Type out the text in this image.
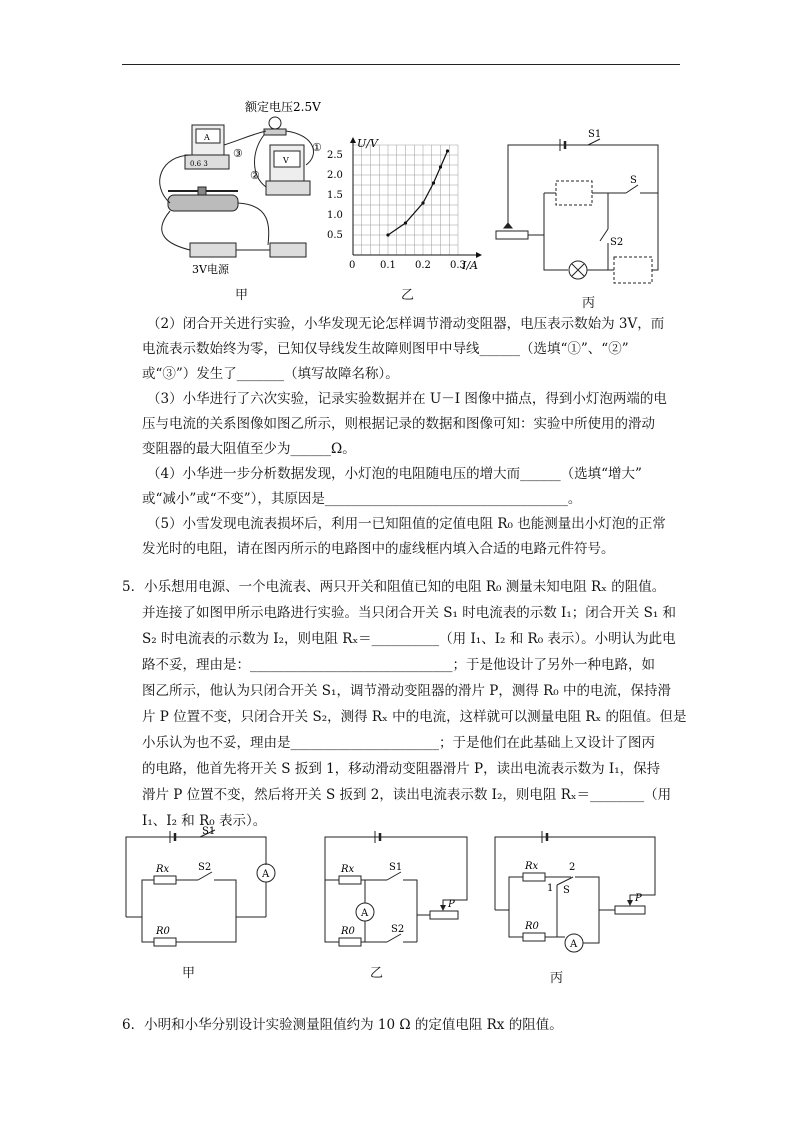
额定电压2.5V
A
0.6 3	V
3V电源
③	①
②
甲
U/V
I/A
0 0.1 0.2 0.3
0.5
1.0
1.5
2.0
2.5
乙
S1
S
S2
丙
（2）闭合开关进行实验，小华发现无论怎样调节滑动变阻器，电压表示数始为 3V，而
电流表示数始终为零，已知仅导线发生故障则图甲中导线______（选填“①”、“②”
或“③”）发生了_______（填写故障名称）。
（3）小华进行了六次实验，记录实验数据并在 U－I 图像中描点，得到小灯泡两端的电
压与电流的关系图像如图乙所示，则根据记录的数据和图像可知：实验中所使用的滑动
变阻器的最大阻值至少为______Ω。
（4）小华进一步分析数据发现，小灯泡的电阻随电压的增大而______（选填“增大”
或“减小”或“不变”），其原因是____________________________________。
（5）小雪发现电流表损坏后，利用一已知阻值的定值电阻 R₀ 也能测量出小灯泡的正常
发光时的电阻，请在图丙所示的电路图中的虚线框内填入合适的电路元件符号。
5．小乐想用电源、一个电流表、两只开关和阻值已知的电阻 R₀ 测量未知电阻 Rₓ 的阻值。
并连接了如图甲所示电路进行实验。当只闭合开关 S₁ 时电流表的示数 I₁；闭合开关 S₁ 和
S₂ 时电流表的示数为 I₂，则电阻 Rₓ＝__________（用 I₁、I₂ 和 R₀ 表示）。小明认为此电
路不妥，理由是：______________________________；于是他设计了另外一种电路，如
图乙所示，他认为只闭合开关 S₁，调节滑动变阻器的滑片 P，测得 R₀ 中的电流，保持滑
片 P 位置不变，只闭合开关 S₂，测得 Rₓ 中的电流，这样就可以测量电阻 Rₓ 的阻值。但是
小乐认为也不妥，理由是______________________；于是他们在此基础上又设计了图丙
的电路，他首先将开关 S 扳到 1，移动滑动变阻器滑片 P，读出电流表示数为 I₁，保持
滑片 P 位置不变，然后将开关 S 扳到 2，读出电流表示数 I₂，则电阻 Rₓ＝________（用
I₁、I₂ 和 R₀ 表示）。
S1
A
Rx	S2
R0
甲
Rx	S1
A
R0	S2
P
乙
Rx	2
1 S
R0
A
P
丙
6．小明和小华分别设计实验测量阻值约为 10 Ω 的定值电阻 Rx 的阻值。
